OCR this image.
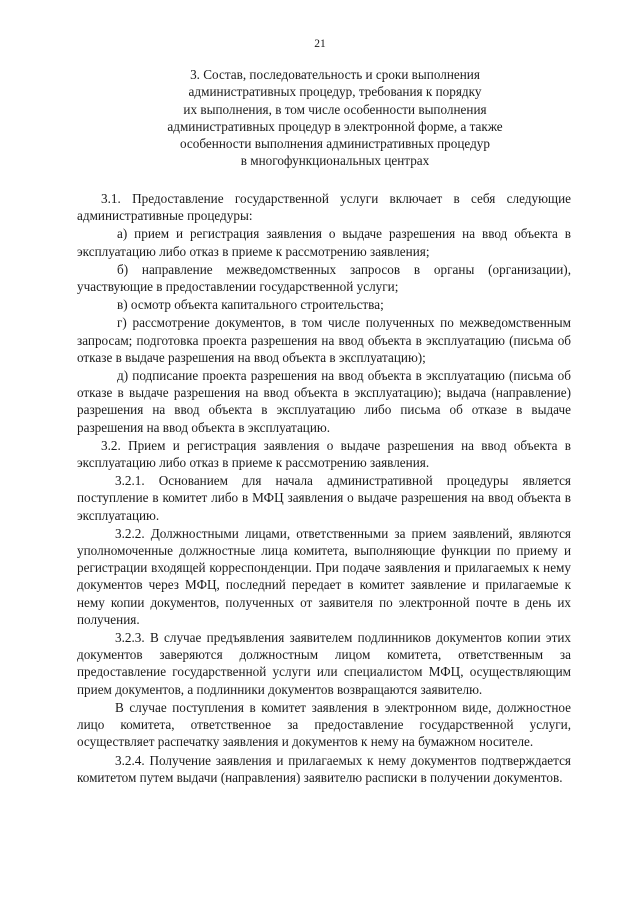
21
3. Состав, последовательность и сроки выполнения
административных процедур, требования к порядку
их выполнения, в том числе особенности выполнения
административных процедур в электронной форме, а также
особенности выполнения административных процедур
в многофункциональных центрах

3.1. Предоставление государственной услуги включает в себя следующие административные процедуры:

а) прием и регистрация заявления о выдаче разрешения на ввод объекта в эксплуатацию либо отказ в приеме к рассмотрению заявления;

б) направление межведомственных запросов в органы (организации), участвующие в предоставлении государственной услуги;

в) осмотр объекта капитального строительства;

г) рассмотрение документов, в том числе полученных по межведомственным запросам; подготовка проекта разрешения на ввод объекта в эксплуатацию (письма об отказе в выдаче разрешения на ввод объекта в эксплуатацию);

д) подписание проекта разрешения на ввод объекта в эксплуатацию (письма об отказе в выдаче разрешения на ввод объекта в эксплуатацию); выдача (направление) разрешения на ввод объекта в эксплуатацию либо письма об отказе в выдаче разрешения на ввод объекта в эксплуатацию.

3.2. Прием и регистрация заявления о выдаче разрешения на ввод объекта в эксплуатацию либо отказ в приеме к рассмотрению заявления.

3.2.1. Основанием для начала административной процедуры является поступление в комитет либо в МФЦ заявления о выдаче разрешения на ввод объекта в эксплуатацию.

3.2.2. Должностными лицами, ответственными за прием заявлений, являются уполномоченные должностные лица комитета, выполняющие функции по приему и регистрации входящей корреспонденции. При подаче заявления и прилагаемых к нему документов через МФЦ, последний передает в комитет заявление и прилагаемые к нему копии документов, полученных от заявителя по электронной почте в день их получения.

3.2.3. В случае предъявления заявителем подлинников документов копии этих документов заверяются должностным лицом комитета, ответственным за предоставление государственной услуги или специалистом МФЦ, осуществляющим прием документов, а подлинники документов возвращаются заявителю.

В случае поступления в комитет заявления в электронном виде, должностное лицо комитета, ответственное за предоставление государственной услуги, осуществляет распечатку заявления и документов к нему на бумажном носителе.

3.2.4. Получение заявления и прилагаемых к нему документов подтверждается комитетом путем выдачи (направления) заявителю расписки в получении документов.
